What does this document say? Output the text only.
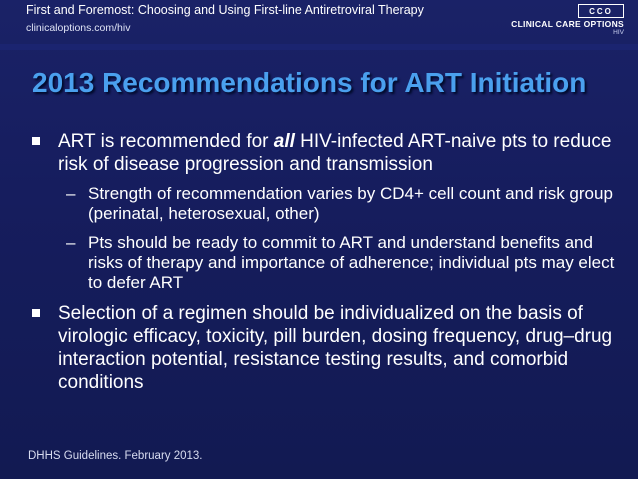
First and Foremost: Choosing and Using First-line Antiretroviral Therapy
clinicaloptions.com/hiv
CCO
CLINICAL CARE OPTIONS
HIV
2013 Recommendations for ART Initiation
ART is recommended for all HIV-infected ART-naive pts to reduce risk of disease progression and transmission
– Strength of recommendation varies by CD4+ cell count and risk group (perinatal, heterosexual, other)
– Pts should be ready to commit to ART and understand benefits and risks of therapy and importance of adherence; individual pts may elect to defer ART
Selection of a regimen should be individualized on the basis of virologic efficacy, toxicity, pill burden, dosing frequency, drug–drug interaction potential, resistance testing results, and comorbid conditions
DHHS Guidelines. February 2013.
